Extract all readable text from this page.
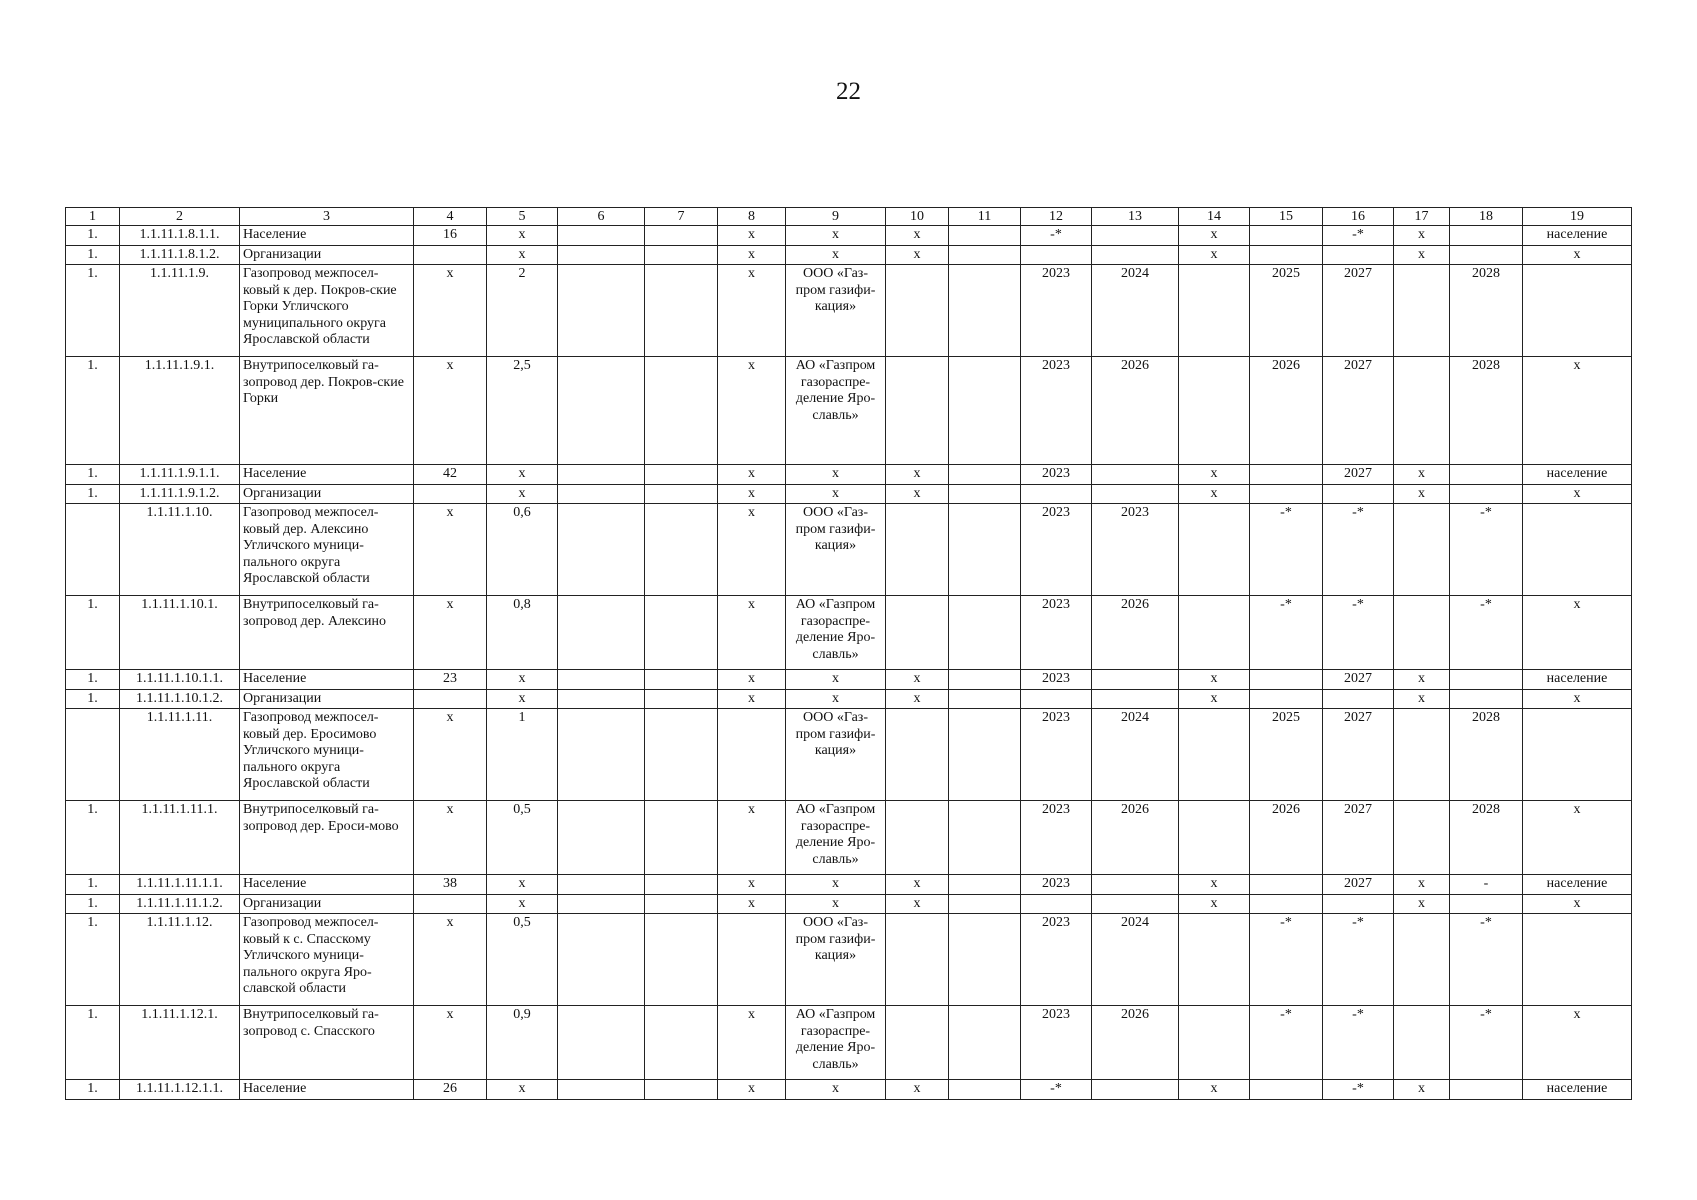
22
1	2	3	4	5	6	7	8	9	10	11	12	13	14	15	16	17	18	19
1.	1.1.11.1.8.1.1.	Население	16	х			х	х	х		-*		х		-*	х		население
1.	1.1.11.1.8.1.2.	Организации		х			х	х	х				х			х		х
1.	1.1.11.1.9.	Газопровод межпосел-ковый к дер. Покров-ские Горки Угличского муниципального округа Ярославской области	х	2			х	ООО «Газ-пром газифи-кация»			2023	2024		2025	2027		2028	
1.	1.1.11.1.9.1.	Внутрипоселковый га-зопровод дер. Покров-ские Горки	х	2,5			х	АО «Газпром газораспре-деление Яро-славль»			2023	2026		2026	2027		2028	х
1.	1.1.11.1.9.1.1.	Население	42	х			х	х	х		2023		х		2027	х		население
1.	1.1.11.1.9.1.2.	Организации		х			х	х	х				х			х		х
	1.1.11.1.10.	Газопровод межпосел-ковый дер. Алексино Угличского муници-пального округа Ярославской области	х	0,6			х	ООО «Газ-пром газифи-кация»			2023	2023		-*	-*		-*	
1.	1.1.11.1.10.1.	Внутрипоселковый га-зопровод дер. Алексино	х	0,8			х	АО «Газпром газораспре-деление Яро-славль»			2023	2026		-*	-*		-*	х
1.	1.1.11.1.10.1.1.	Население	23	х			х	х	х		2023		х		2027	х		население
1.	1.1.11.1.10.1.2.	Организации		х			х	х	х				х			х		х
	1.1.11.1.11.	Газопровод межпосел-ковый дер. Еросимово Угличского муници-пального округа Ярославской области	х	1				ООО «Газ-пром газифи-кация»			2023	2024		2025	2027		2028	
1.	1.1.11.1.11.1.	Внутрипоселковый га-зопровод дер. Ероси-мово	х	0,5			х	АО «Газпром газораспре-деление Яро-славль»			2023	2026		2026	2027		2028	х
1.	1.1.11.1.11.1.1.	Население	38	х			х	х	х		2023		х		2027	х	-	население
1.	1.1.11.1.11.1.2.	Организации		х			х	х	х				х			х		х
1.	1.1.11.1.12.	Газопровод межпосел-ковый к с. Спасскому Угличского муници-пального округа Яро-славской области	х	0,5				ООО «Газ-пром газифи-кация»			2023	2024		-*	-*		-*	
1.	1.1.11.1.12.1.	Внутрипоселковый га-зопровод с. Спасского	х	0,9			х	АО «Газпром газораспре-деление Яро-славль»			2023	2026		-*	-*		-*	х
1.	1.1.11.1.12.1.1.	Население	26	х			х	х	х		-*		х		-*	х		население
